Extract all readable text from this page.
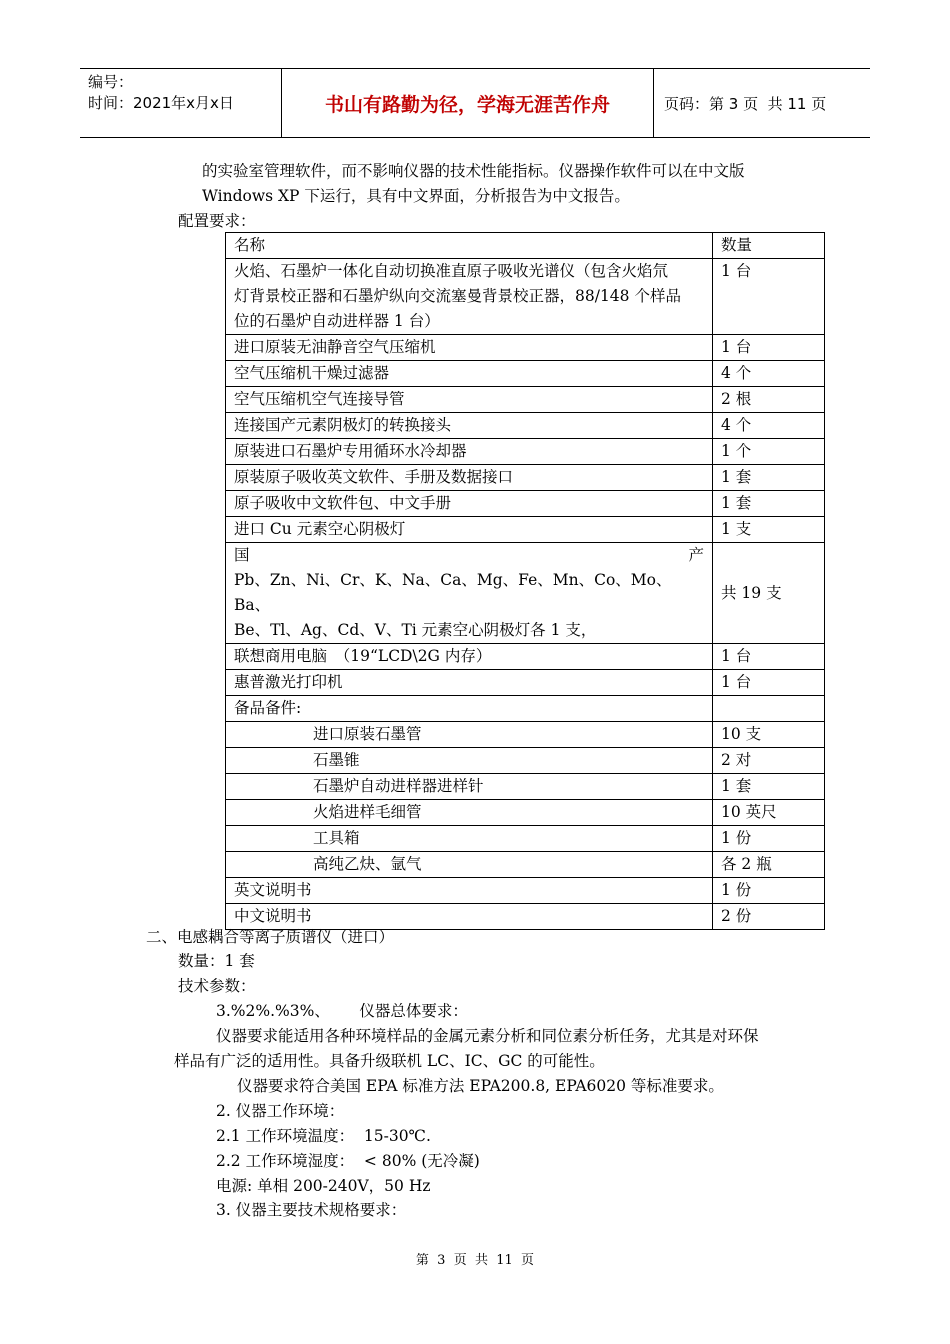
编号：
时间：2021年x月x日	书山有路勤为径，学海无涯苦作舟	页码：第 3 页  共 11 页
的实验室管理软件，而不影响仪器的技术性能指标。仪器操作软件可以在中文版
Windows XP 下运行，具有中文界面，分析报告为中文报告。
配置要求：
名称	数量

火焰、石墨炉一体化自动切换准直原子吸收光谱仪（包含火焰氘
灯背景校正器和石墨炉纵向交流塞曼背景校正器，88/148 个样品
位的石墨炉自动进样器 1 台）	1 台
进口原装无油静音空气压缩机	1 台
空气压缩机干燥过滤器	4 个
空气压缩机空气连接导管	2 根
连接国产元素阴极灯的转换接头	4 个
原装进口石墨炉专用循环水冷却器	1 个
原装原子吸收英文软件、手册及数据接口	1 套
原子吸收中文软件包、中文手册	1 套
进口 Cu 元素空心阴极灯	1 支

国 产
Pb、Zn、Ni、Cr、K、Na、Ca、Mg、Fe、Mn、Co、Mo、Ba、
Be、Tl、Ag、Cd、V、Ti 元素空心阴极灯各 1 支，	共 19 支
联想商用电脑　（19“LCD\2G 内存）	1 台
惠普激光打印机	1 台
备品备件:	
进口原装石墨管	10 支
石墨锥	2 对
石墨炉自动进样器进样针	1 套
火焰进样毛细管	10 英尺
工具箱	1 份
高纯乙炔、氩气	各 2 瓶
英文说明书	1 份
中文说明书	2 份
二、电感耦合等离子质谱仪（进口）
数量：1 套
技术参数：
3.%2%.%3%、      仪器总体要求：
仪器要求能适用各种环境样品的金属元素分析和同位素分析任务，尤其是对环保
样品有广泛的适用性。具备升级联机 LC、IC、GC 的可能性。
仪器要求符合美国 EPA 标准方法 EPA200.8, EPA6020 等标准要求。
2. 仪器工作环境：
2.1 工作环境温度：  15-30℃.
2.2 工作环境湿度：  < 80% (无冷凝)
电源: 单相 200-240V，50 Hz
3. 仪器主要技术规格要求：
第  3  页  共  11  页
